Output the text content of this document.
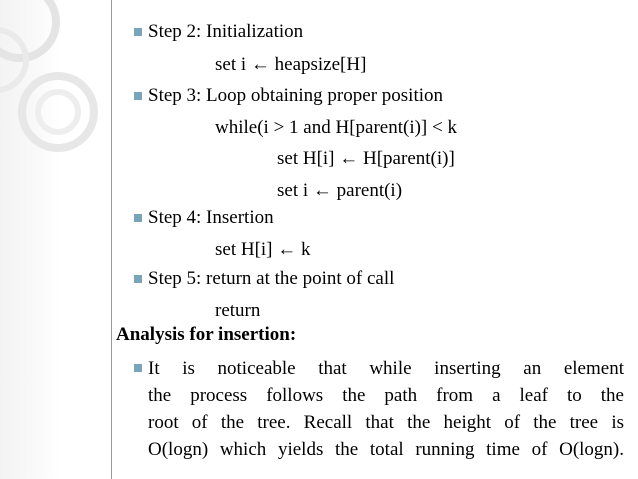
Step 2: Initialization
set i ← heapsize[H]
Step 3: Loop obtaining proper position
while(i > 1 and H[parent(i)] < k
set H[i] ← H[parent(i)]
set i ← parent(i)
Step 4: Insertion
set H[i] ← k
Step 5: return at the point of call
return
Analysis for insertion:
It is noticeable that while inserting an element
the process follows the path from a leaf to the
root of the tree. Recall that the height of the tree is
O(logn) which yields the total running time of O(logn).
